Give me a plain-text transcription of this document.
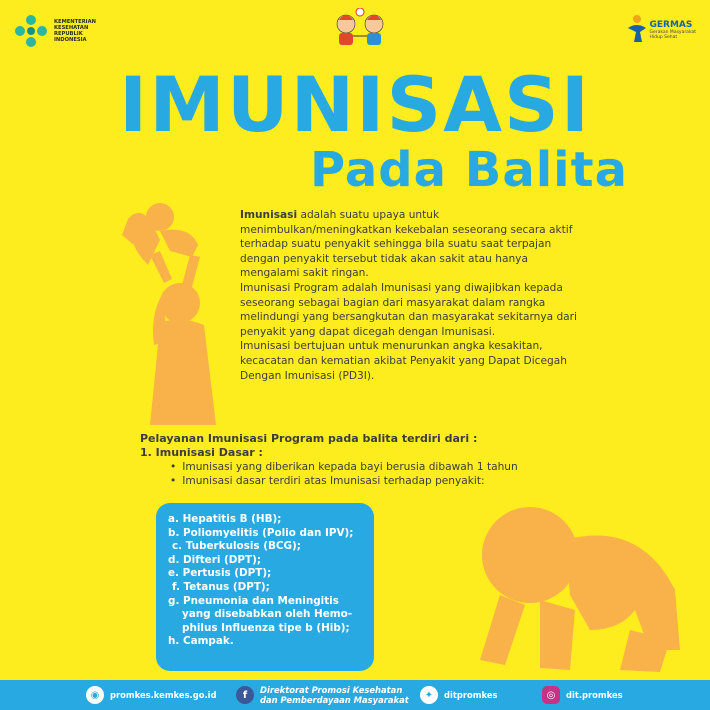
KEMENTERIAN
KESEHATAN
REPUBLIK
INDONESIA
GERMAS
Gerakan Masyarakat
Hidup Sehat
IMUNISASI
Pada Balita

Imunisasi adalah suatu upaya untuk menimbulkan/meningkatkan kekebalan seseorang secara aktif terhadap suatu penyakit sehingga bila suatu saat terpajan dengan penyakit tersebut tidak akan sakit atau hanya mengalami sakit ringan.

Imunisasi Program adalah Imunisasi yang diwajibkan kepada seseorang sebagai bagian dari masyarakat dalam rangka melindungi yang bersangkutan dan masyarakat sekitarnya dari penyakit yang dapat dicegah dengan Imunisasi.

Imunisasi bertujuan untuk menurunkan angka kesakitan, kecacatan dan kematian akibat Penyakit yang Dapat Dicegah Dengan Imunisasi (PD3I).

Pelayanan Imunisasi Program pada balita terdiri dari :
1. Imunisasi Dasar :
• Imunisasi yang diberikan kepada bayi berusia dibawah 1 tahun
• Imunisasi dasar terdiri atas Imunisasi terhadap penyakit:
a. Hepatitis B (HB);
b. Poliomyelitis (Polio dan IPV);
c. Tuberkulosis (BCG);
d. Difteri (DPT);
e. Pertusis (DPT);
f. Tetanus (DPT);
g. Pneumonia dan Meningitis
yang disebabkan oleh Hemo-
philus Influenza tipe b (Hib);
h. Campak.
◉	promkes.kemkes.go.id	f	Direktorat Promosi Kesehatan
dan Pemberdayaan Masyarakat	✦	ditpromkes	◎	dit.promkes
